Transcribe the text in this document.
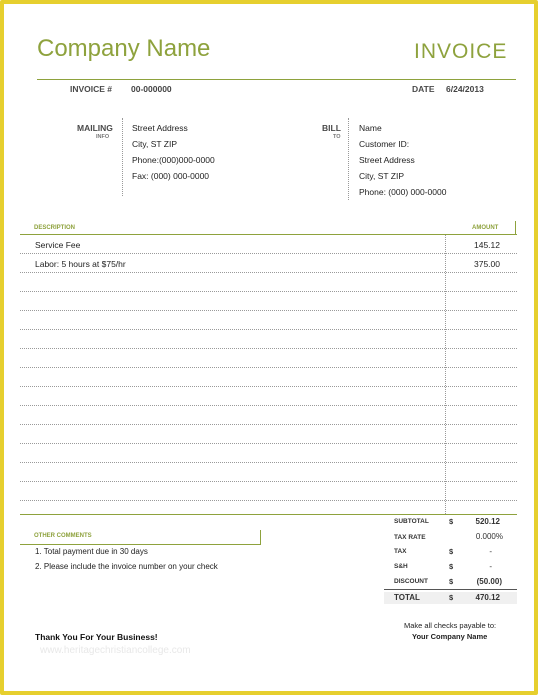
Company Name	INVOICE
INVOICE # 00-000000	DATE 6/24/2013
MAILING
INFO
Street Address
City, ST ZIP
Phone:(000)000-0000
Fax: (000) 000-0000
BILL
TO
Name
Customer ID:
Street Address
City, ST ZIP
Phone: (000) 000-0000
DESCRIPTION	AMOUNT
Service Fee	145.12
Labor: 5 hours at $75/hr	375.00
OTHER COMMENTS
1. Total payment due in 30 days
2. Please include the invoice number on your check
SUBTOTAL	$	520.12
TAX RATE	0.000%
TAX	$	-
S&H	$	-
DISCOUNT	$	(50.00)
TOTAL	$	470.12
Thank You For Your Business!
Make all checks payable to:
Your Company Name
www.heritagechristiancollege.com
